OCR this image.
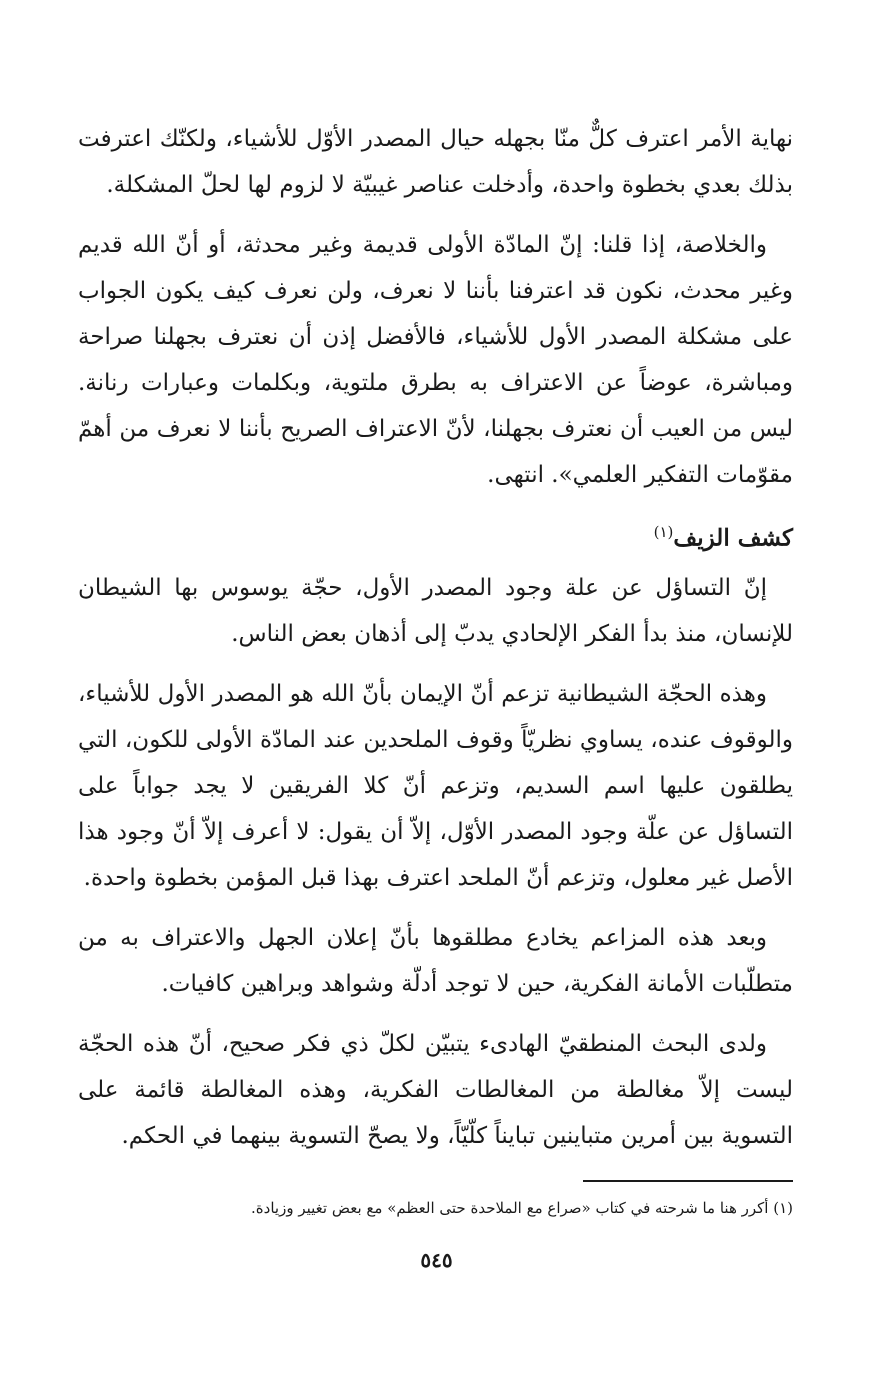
نهاية الأمر اعترف كلٌّ منّا بجهله حيال المصدر الأوّل للأشياء، ولكنّك اعترفت بذلك بعدي بخطوة واحدة، وأدخلت عناصر غيبيّة لا لزوم لها لحلّ المشكلة.

والخلاصة، إذا قلنا: إنّ المادّة الأولى قديمة وغير محدثة، أو أنّ الله قديم وغير محدث، نكون قد اعترفنا بأننا لا نعرف، ولن نعرف كيف يكون الجواب على مشكلة المصدر الأول للأشياء، فالأفضل إذن أن نعترف بجهلنا صراحة ومباشرة، عوضاً عن الاعتراف به بطرق ملتوية، وبكلمات وعبارات رنانة. ليس من العيب أن نعترف بجهلنا، لأنّ الاعتراف الصريح بأننا لا نعرف من أهمّ مقوّمات التفكير العلمي». انتهى.

كشف الزيف$^{(١)}$

إنّ التساؤل عن علة وجود المصدر الأول، حجّة يوسوس بها الشيطان للإنسان، منذ بدأ الفكر الإلحادي يدبّ إلى أذهان بعض الناس.

وهذه الحجّة الشيطانية تزعم أنّ الإيمان بأنّ الله هو المصدر الأول للأشياء، والوقوف عنده، يساوي نظريّاً وقوف الملحدين عند المادّة الأولى للكون، التي يطلقون عليها اسم السديم، وتزعم أنّ كلا الفريقين لا يجد جواباً على التساؤل عن علّة وجود المصدر الأوّل، إلاّ أن يقول: لا أعرف إلاّ أنّ وجود هذا الأصل غير معلول، وتزعم أنّ الملحد اعترف بهذا قبل المؤمن بخطوة واحدة.

وبعد هذه المزاعم يخادع مطلقوها بأنّ إعلان الجهل والاعتراف به من متطلّبات الأمانة الفكرية، حين لا توجد أدلّة وشواهد وبراهين كافيات.

ولدى البحث المنطقيّ الهادىء يتبيّن لكلّ ذي فكر صحيح، أنّ هذه الحجّة ليست إلاّ مغالطة من المغالطات الفكرية، وهذه المغالطة قائمة على التسوية بين أمرين متباينين تبايناً كلّيّاً، ولا يصحّ التسوية بينهما في الحكم.

(١) أكرر هنا ما شرحته في كتاب «صراع مع الملاحدة حتى العظم» مع بعض تغيير وزيادة.
٥٤٥
